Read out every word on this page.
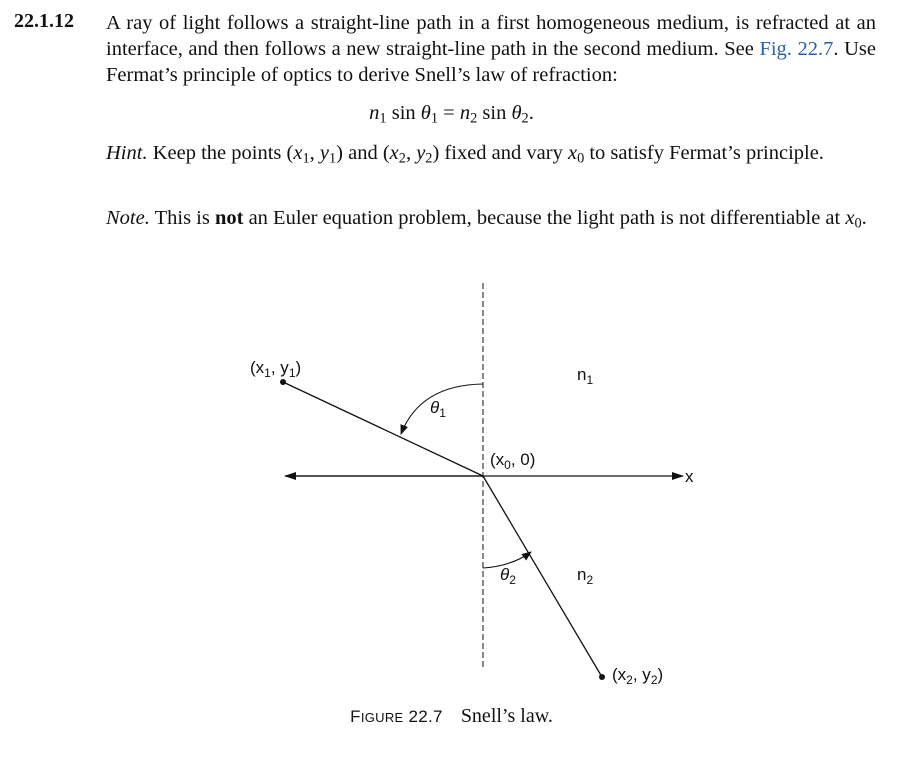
22.1.12 A ray of light follows a straight-line path in a first homogeneous medium, is refracted at an interface, and then follows a new straight-line path in the second medium. See Fig. 22.7. Use Fermat’s principle of optics to derive Snell’s law of refraction:
$n_1$ $\sin \theta_1 = n_2$ $\sin \theta_2$.
Hint. Keep the points ($x_1$, $y_1$) and ($x_2$, $y_2$) fixed and vary $x_0$ to satisfy Fermat’s principle.
Note. This is not an Euler equation problem, because the light path is not differentiable at $x_0$.
($x_1$, $y_1$)	$n_1$
$\theta_1$
($x_0$, 0)
x
$\theta_2$	$n_2$
($x_2$, $y_2$)
FIGURE 22.7 Snell’s law.
